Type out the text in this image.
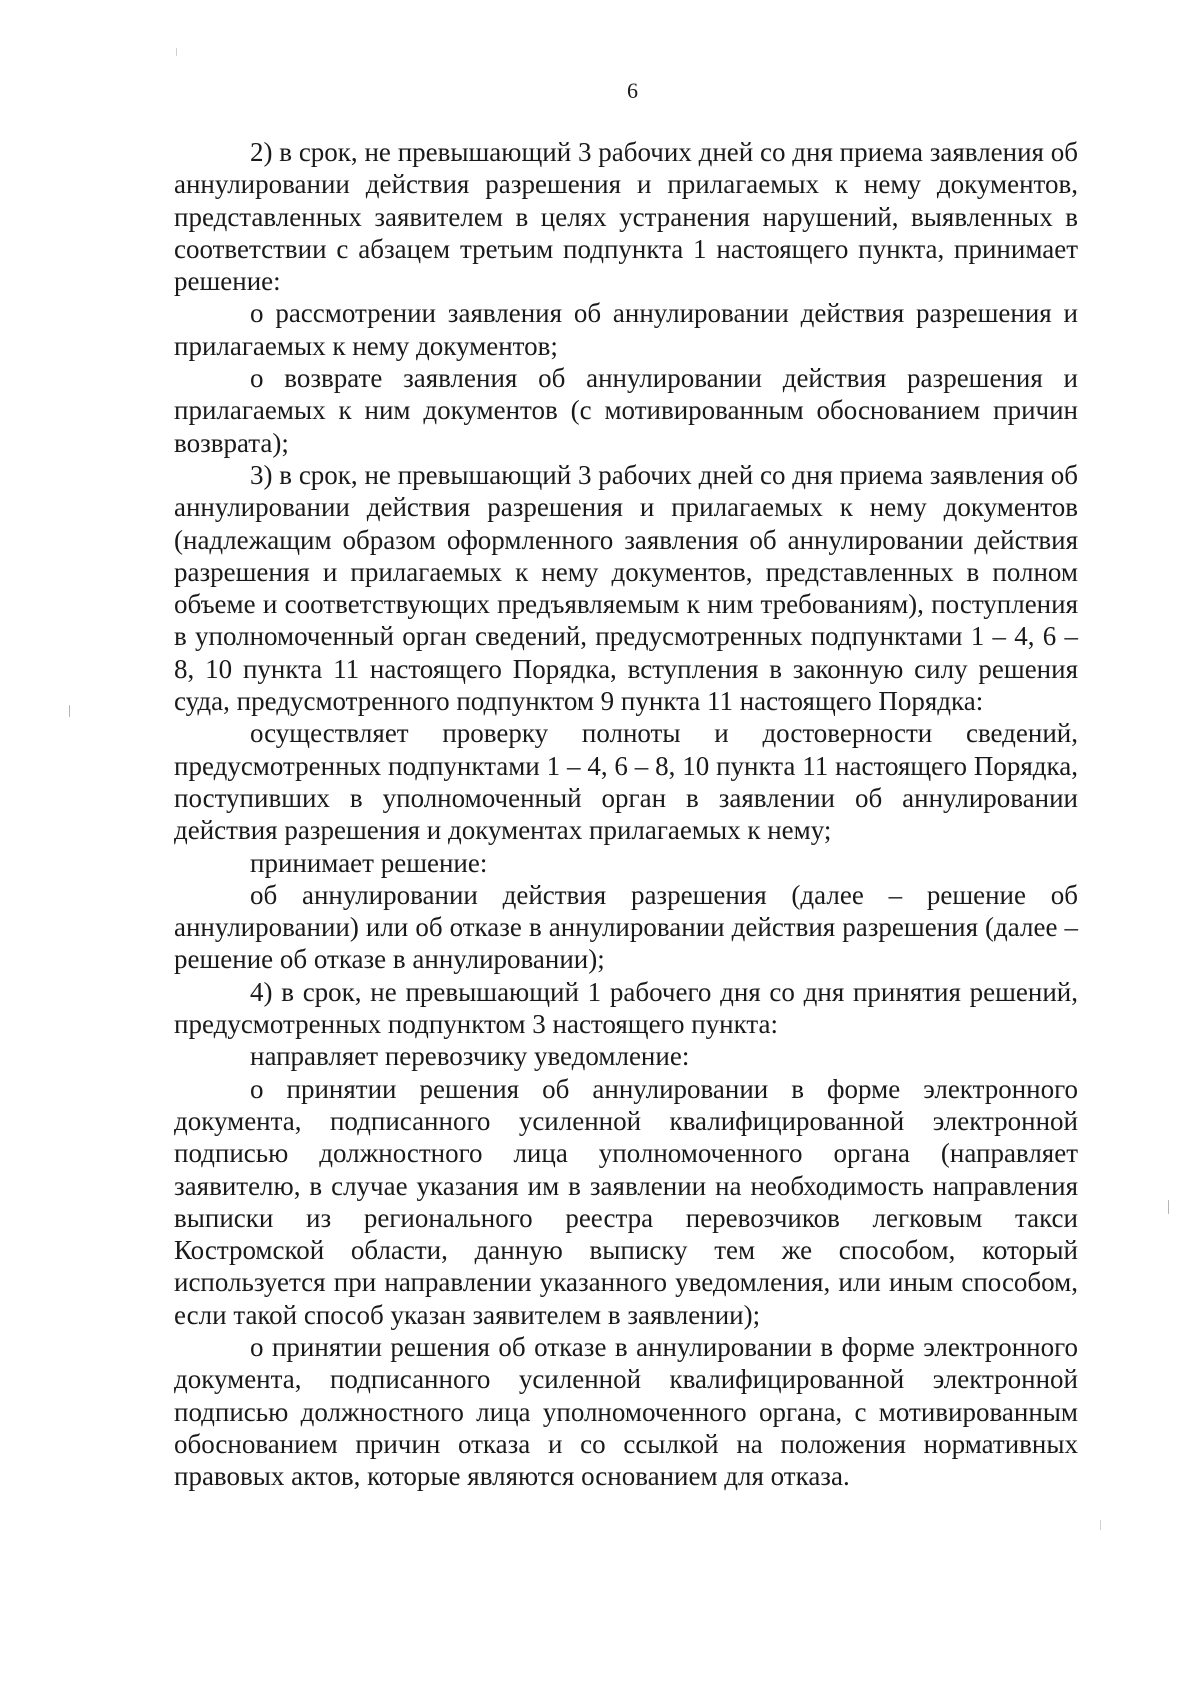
6

2) в срок, не превышающий 3 рабочих дней со дня приема заявления об аннулировании действия разрешения и прилагаемых к нему документов, представленных заявителем в целях устранения нарушений, выявленных в соответствии с абзацем третьим подпункта 1 настоящего пункта, принимает решение:

о рассмотрении заявления об аннулировании действия разрешения и прилагаемых к нему документов;

о возврате заявления об аннулировании действия разрешения и прилагаемых к ним документов (с мотивированным обоснованием причин возврата);

3) в срок, не превышающий 3 рабочих дней со дня приема заявления об аннулировании действия разрешения и прилагаемых к нему документов (надлежащим образом оформленного заявления об аннулировании действия разрешения и прилагаемых к нему документов, представленных в полном объеме и соответствующих предъявляемым к ним требованиям), поступления в уполномоченный орган сведений, предусмотренных подпунктами 1 – 4, 6 – 8, 10 пункта 11 настоящего Порядка, вступления в законную силу решения суда, предусмотренного подпунктом 9 пункта 11 настоящего Порядка:

осуществляет проверку полноты и достоверности сведений, предусмотренных подпунктами 1 – 4, 6 – 8, 10 пункта 11 настоящего Порядка, поступивших в уполномоченный орган в заявлении об аннулировании действия разрешения и документах прилагаемых к нему;

принимает решение:

об аннулировании действия разрешения (далее – решение об аннулировании) или об отказе в аннулировании действия разрешения (далее – решение об отказе в аннулировании);

4) в срок, не превышающий 1 рабочего дня со дня принятия решений, предусмотренных подпунктом 3 настоящего пункта:

направляет перевозчику уведомление:

о принятии решения об аннулировании в форме электронного документа, подписанного усиленной квалифицированной электронной подписью должностного лица уполномоченного органа (направляет заявителю, в случае указания им в заявлении на необходимость направления выписки из регионального реестра перевозчиков легковым такси Костромской области, данную выписку тем же способом, который используется при направлении указанного уведомления, или иным способом, если такой способ указан заявителем в заявлении);

о принятии решения об отказе в аннулировании в форме электронного документа, подписанного усиленной квалифицированной электронной подписью должностного лица уполномоченного органа, с мотивированным обоснованием причин отказа и со ссылкой на положения нормативных правовых актов, которые являются основанием для отказа.
